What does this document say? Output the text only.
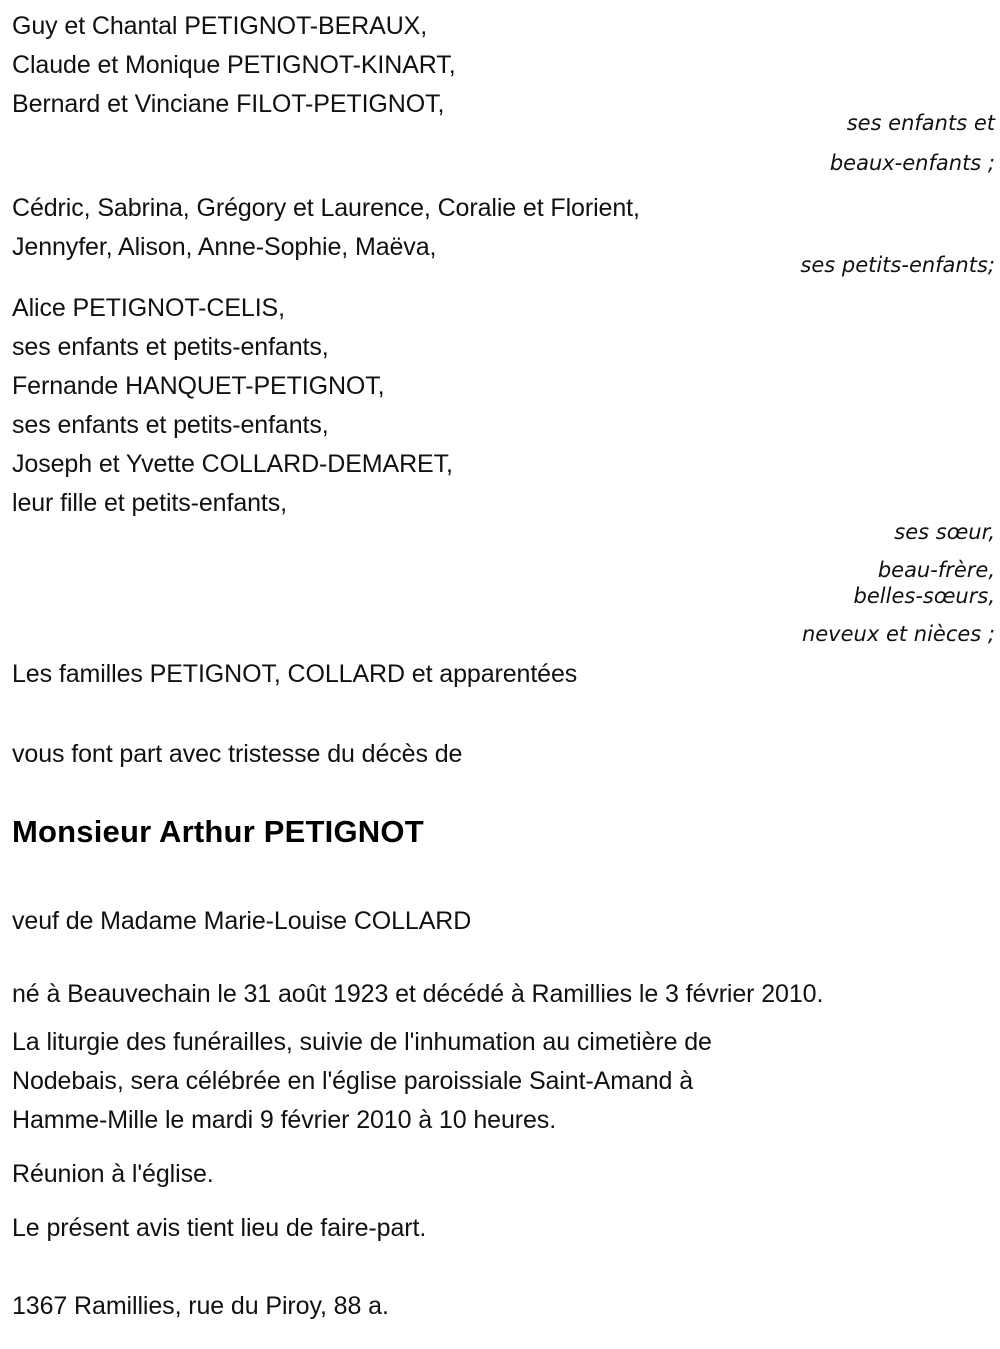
Guy et Chantal PETIGNOT-BERAUX,
Claude et Monique PETIGNOT-KINART,
Bernard et Vinciane FILOT-PETIGNOT,
ses enfants et
beaux-enfants ;
Cédric, Sabrina, Grégory et Laurence, Coralie et Florient,
Jennyfer, Alison, Anne-Sophie, Maëva,
ses petits-enfants;
Alice PETIGNOT-CELIS,
ses enfants et petits-enfants,
Fernande HANQUET-PETIGNOT,
ses enfants et petits-enfants,
Joseph et Yvette COLLARD-DEMARET,
leur fille et petits-enfants,
ses sœur,
beau-frère,
belles-sœurs,
neveux et nièces ;
Les familles PETIGNOT, COLLARD et apparentées
vous font part avec tristesse du décès de
Monsieur Arthur PETIGNOT
veuf de Madame Marie-Louise COLLARD
né à Beauvechain le 31 août 1923 et décédé à Ramillies le 3 février 2010.
La liturgie des funérailles, suivie de l'inhumation au cimetière de
Nodebais, sera célébrée en l'église paroissiale Saint-Amand à
Hamme-Mille le mardi 9 février 2010 à 10 heures.
Réunion à l'église.
Le présent avis tient lieu de faire-part.
1367 Ramillies, rue du Piroy, 88 a.
